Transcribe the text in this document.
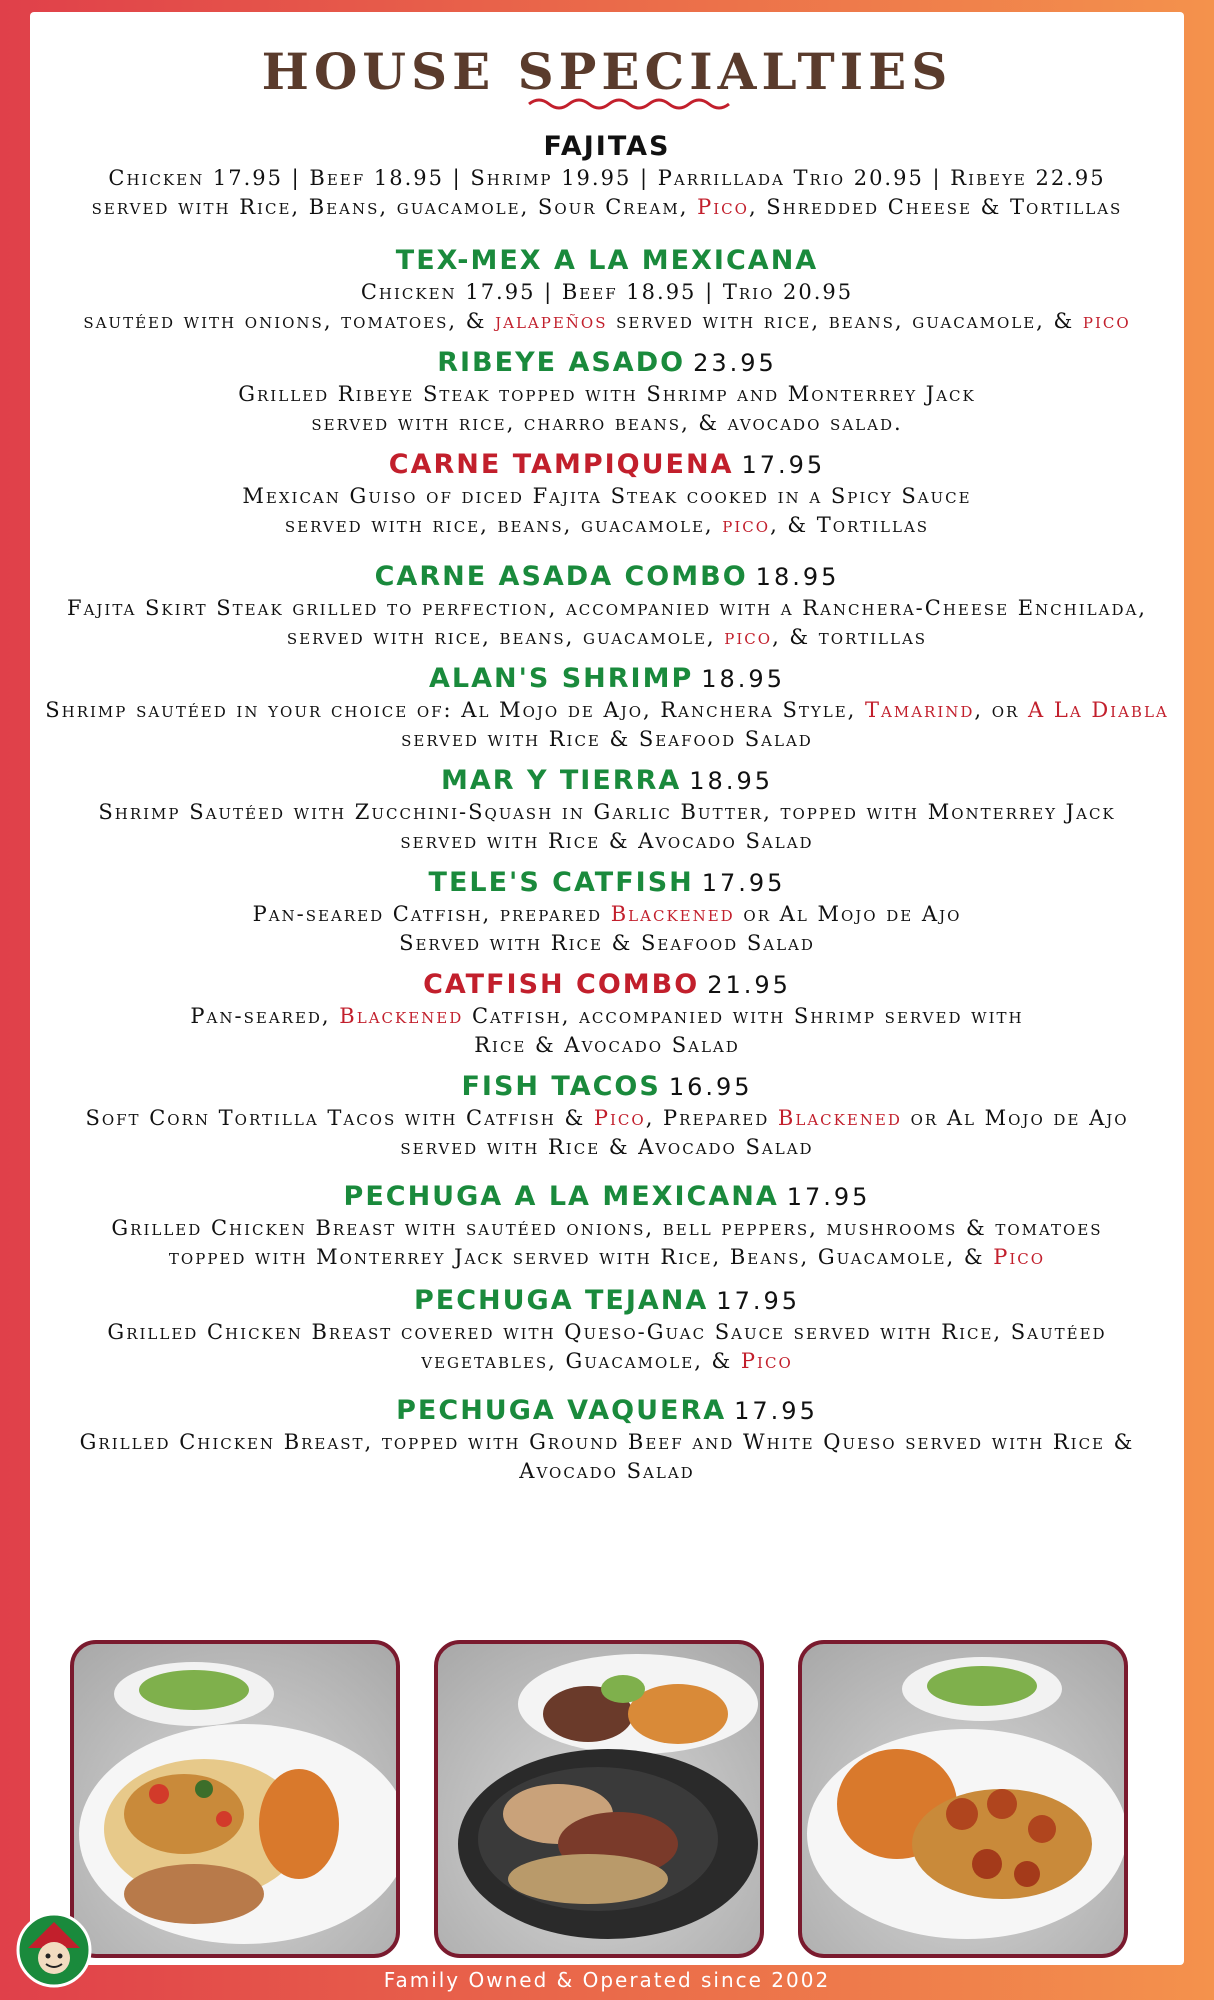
HOUSE SPECIALTIES
FAJITAS
Chicken 17.95 | Beef 18.95 | Shrimp 19.95 | Parrillada Trio 20.95 | Ribeye 22.95
served with Rice, Beans, guacamole, Sour Cream, Pico, Shredded Cheese & Tortillas
TEX-MEX A LA MEXICANA
Chicken 17.95 | Beef 18.95 | Trio 20.95
sautéed with onions, tomatoes, & jalapeños served with rice, beans, guacamole, & pico
RIBEYE ASADO 23.95
Grilled Ribeye Steak topped with Shrimp and Monterrey Jack
served with rice, charro beans, & avocado salad.
CARNE TAMPIQUENA 17.95
Mexican Guiso of diced Fajita Steak cooked in a Spicy Sauce
served with rice, beans, guacamole, pico, & Tortillas
CARNE ASADA COMBO 18.95
Fajita Skirt Steak grilled to perfection, accompanied with a Ranchera-Cheese Enchilada,
served with rice, beans, guacamole, pico, & tortillas
ALAN'S SHRIMP 18.95
Shrimp sautéed in your choice of: Al Mojo de Ajo, Ranchera Style, Tamarind, or A La Diabla
served with Rice & Seafood Salad
MAR Y TIERRA 18.95
Shrimp Sautéed with Zucchini-Squash in Garlic Butter, topped with Monterrey Jack
served with Rice & Avocado Salad
TELE'S CATFISH 17.95
Pan-seared Catfish, prepared Blackened or Al Mojo de Ajo
Served with Rice & Seafood Salad
CATFISH COMBO 21.95
Pan-seared, Blackened Catfish, accompanied with Shrimp served with
Rice & Avocado Salad
FISH TACOS 16.95
Soft Corn Tortilla Tacos with Catfish & Pico, Prepared Blackened or Al Mojo de Ajo
served with Rice & Avocado Salad
PECHUGA A LA MEXICANA 17.95
Grilled Chicken Breast with sautéed onions, bell peppers, mushrooms & tomatoes
topped with Monterrey Jack served with Rice, Beans, Guacamole, & Pico
PECHUGA TEJANA 17.95
Grilled Chicken Breast covered with Queso-Guac Sauce served with Rice, Sautéed
vegetables, Guacamole, & Pico
PECHUGA VAQUERA 17.95
Grilled Chicken Breast, topped with Ground Beef and White Queso served with Rice &
Avocado Salad
Family Owned & Operated since 2002
